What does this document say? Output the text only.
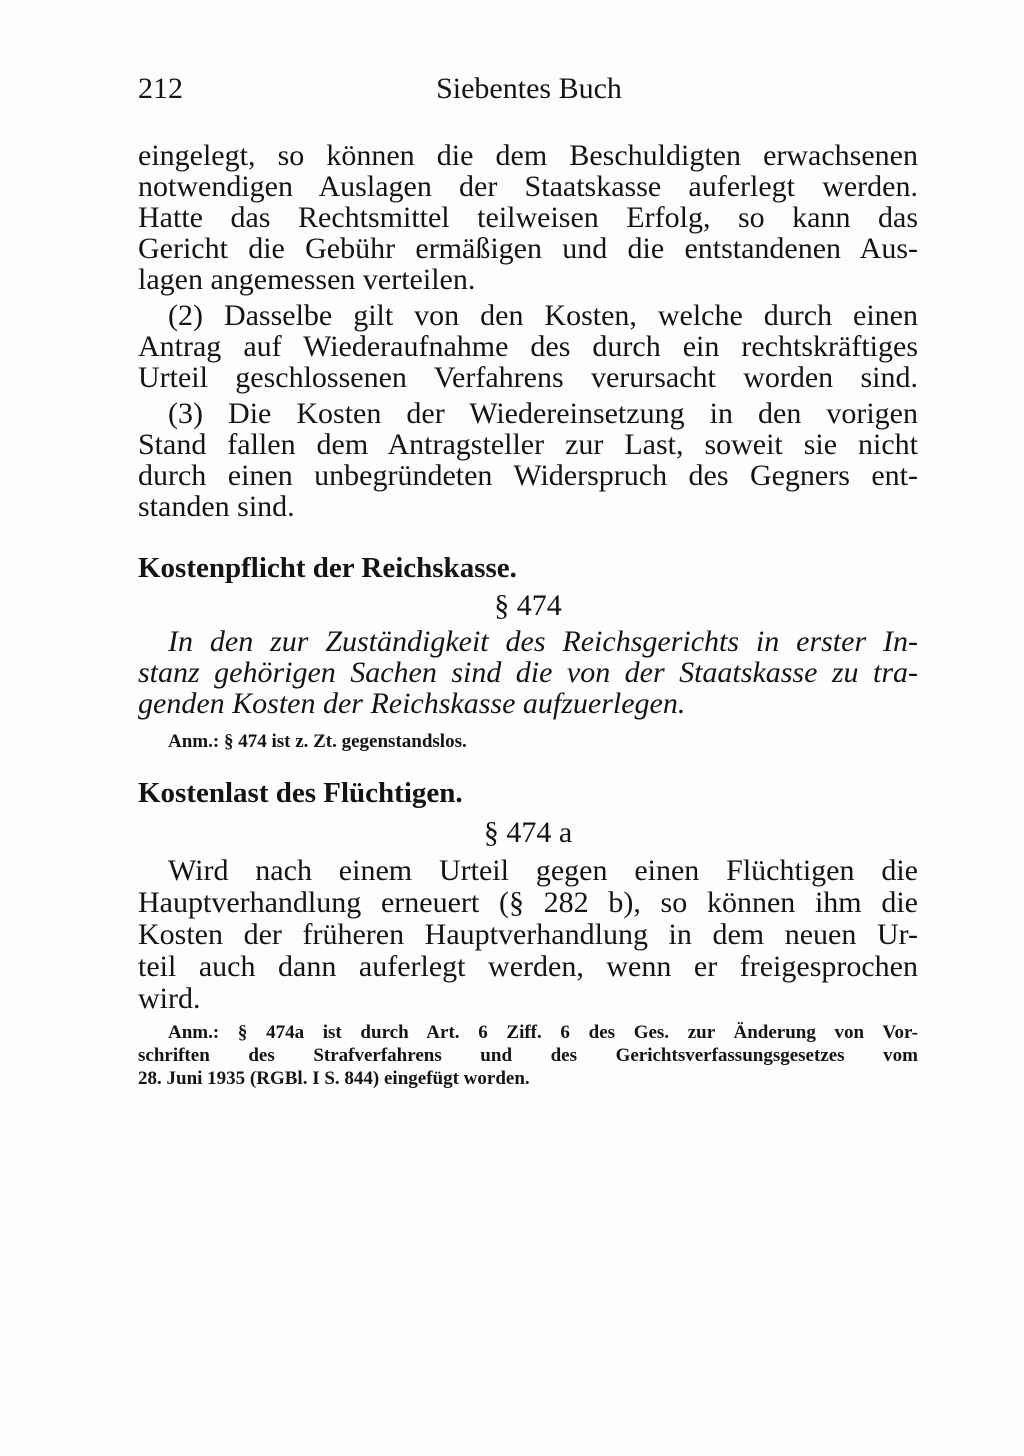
212	Siebentes Buch
eingelegt, so können die dem Beschuldigten erwachsenen
notwendigen Auslagen der Staatskasse auferlegt werden.
Hatte das Rechtsmittel teilweisen Erfolg, so kann das
Gericht die Gebühr ermäßigen und die entstandenen Aus-
lagen angemessen verteilen.
(2) Dasselbe gilt von den Kosten, welche durch einen
Antrag auf Wiederaufnahme des durch ein rechtskräftiges
Urteil geschlossenen Verfahrens verursacht worden sind.
(3) Die Kosten der Wiedereinsetzung in den vorigen
Stand fallen dem Antragsteller zur Last, soweit sie nicht
durch einen unbegründeten Widerspruch des Gegners ent-
standen sind.
Kostenpflicht der Reichskasse.
§ 474
In den zur Zuständigkeit des Reichsgerichts in erster In-
stanz gehörigen Sachen sind die von der Staatskasse zu tra-
genden Kosten der Reichskasse aufzuerlegen.
Anm.: § 474 ist z. Zt. gegenstandslos.
Kostenlast des Flüchtigen.
§ 474 a
Wird nach einem Urteil gegen einen Flüchtigen die
Hauptverhandlung erneuert (§ 282 b), so können ihm die
Kosten der früheren Hauptverhandlung in dem neuen Ur-
teil auch dann auferlegt werden, wenn er freigesprochen
wird.
Anm.: § 474a ist durch Art. 6 Ziff. 6 des Ges. zur Änderung von Vor-
schriften des Strafverfahrens und des Gerichtsverfassungsgesetzes vom
28. Juni 1935 (RGBl. I S. 844) eingefügt worden.
